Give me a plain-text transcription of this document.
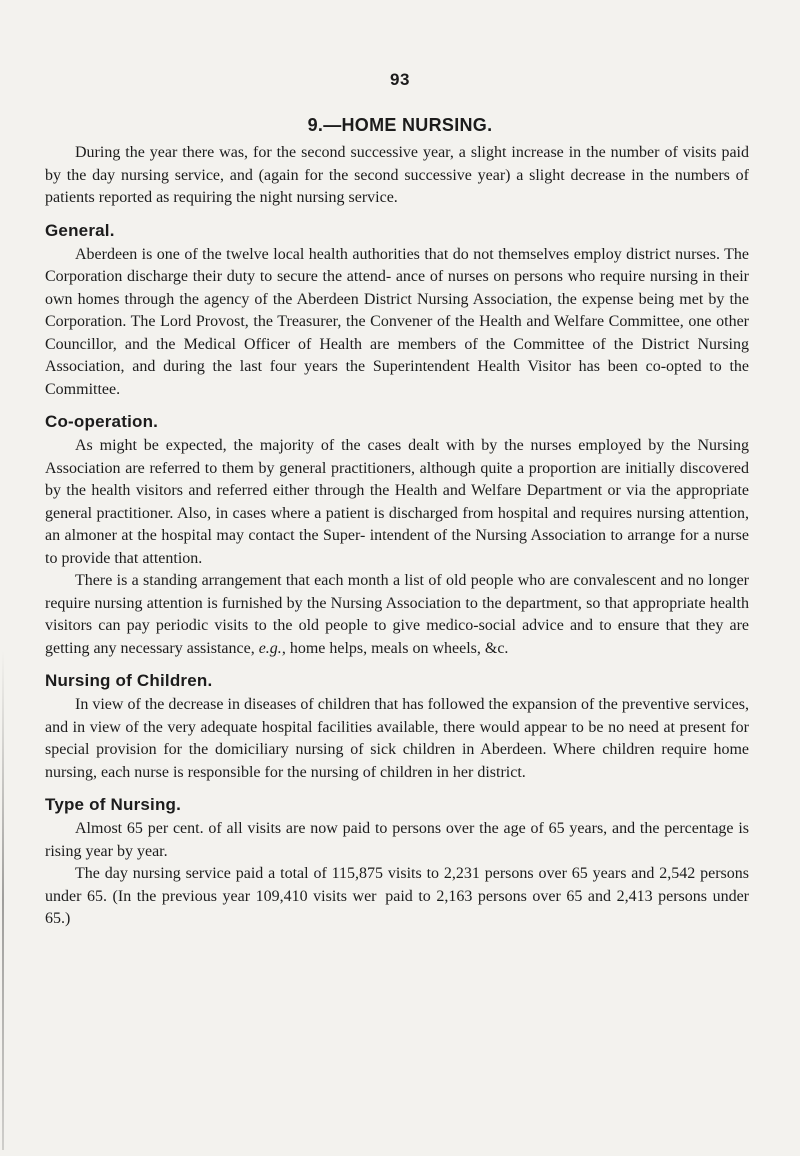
93
9.—HOME NURSING.

During the year there was, for the second successive year, a slight increase in the number of visits paid by the day nursing service, and (again for the second successive year) a slight decrease in the numbers of patients reported as requiring the night nursing service.

General.

Aberdeen is one of the twelve local health authorities that do not themselves employ district nurses. The Corporation discharge their duty to secure the attend- ance of nurses on persons who require nursing in their own homes through the agency of the Aberdeen District Nursing Association, the expense being met by the Corporation. The Lord Provost, the Treasurer, the Convener of the Health and Welfare Committee, one other Councillor, and the Medical Officer of Health are members of the Committee of the District Nursing Association, and during the last four years the Superintendent Health Visitor has been co-opted to the Committee.

Co-operation.

As might be expected, the majority of the cases dealt with by the nurses employed by the Nursing Association are referred to them by general practitioners, although quite a proportion are initially discovered by the health visitors and referred either through the Health and Welfare Department or via the appropriate general practitioner. Also, in cases where a patient is discharged from hospital and requires nursing attention, an almoner at the hospital may contact the Super- intendent of the Nursing Association to arrange for a nurse to provide that attention.

There is a standing arrangement that each month a list of old people who are convalescent and no longer require nursing attention is furnished by the Nursing Association to the department, so that appropriate health visitors can pay periodic visits to the old people to give medico-social advice and to ensure that they are getting any necessary assistance, e.g., home helps, meals on wheels, &c.

Nursing of Children.

In view of the decrease in diseases of children that has followed the expansion of the preventive services, and in view of the very adequate hospital facilities available, there would appear to be no need at present for special provision for the domiciliary nursing of sick children in Aberdeen. Where children require home nursing, each nurse is responsible for the nursing of children in her district.

Type of Nursing.

Almost 65 per cent. of all visits are now paid to persons over the age of 65 years, and the percentage is rising year by year.

The day nursing service paid a total of 115,875 visits to 2,231 persons over 65 years and 2,542 persons under 65. (In the previous year 109,410 visits wer  paid to 2,163 persons over 65 and 2,413 persons under 65.)
